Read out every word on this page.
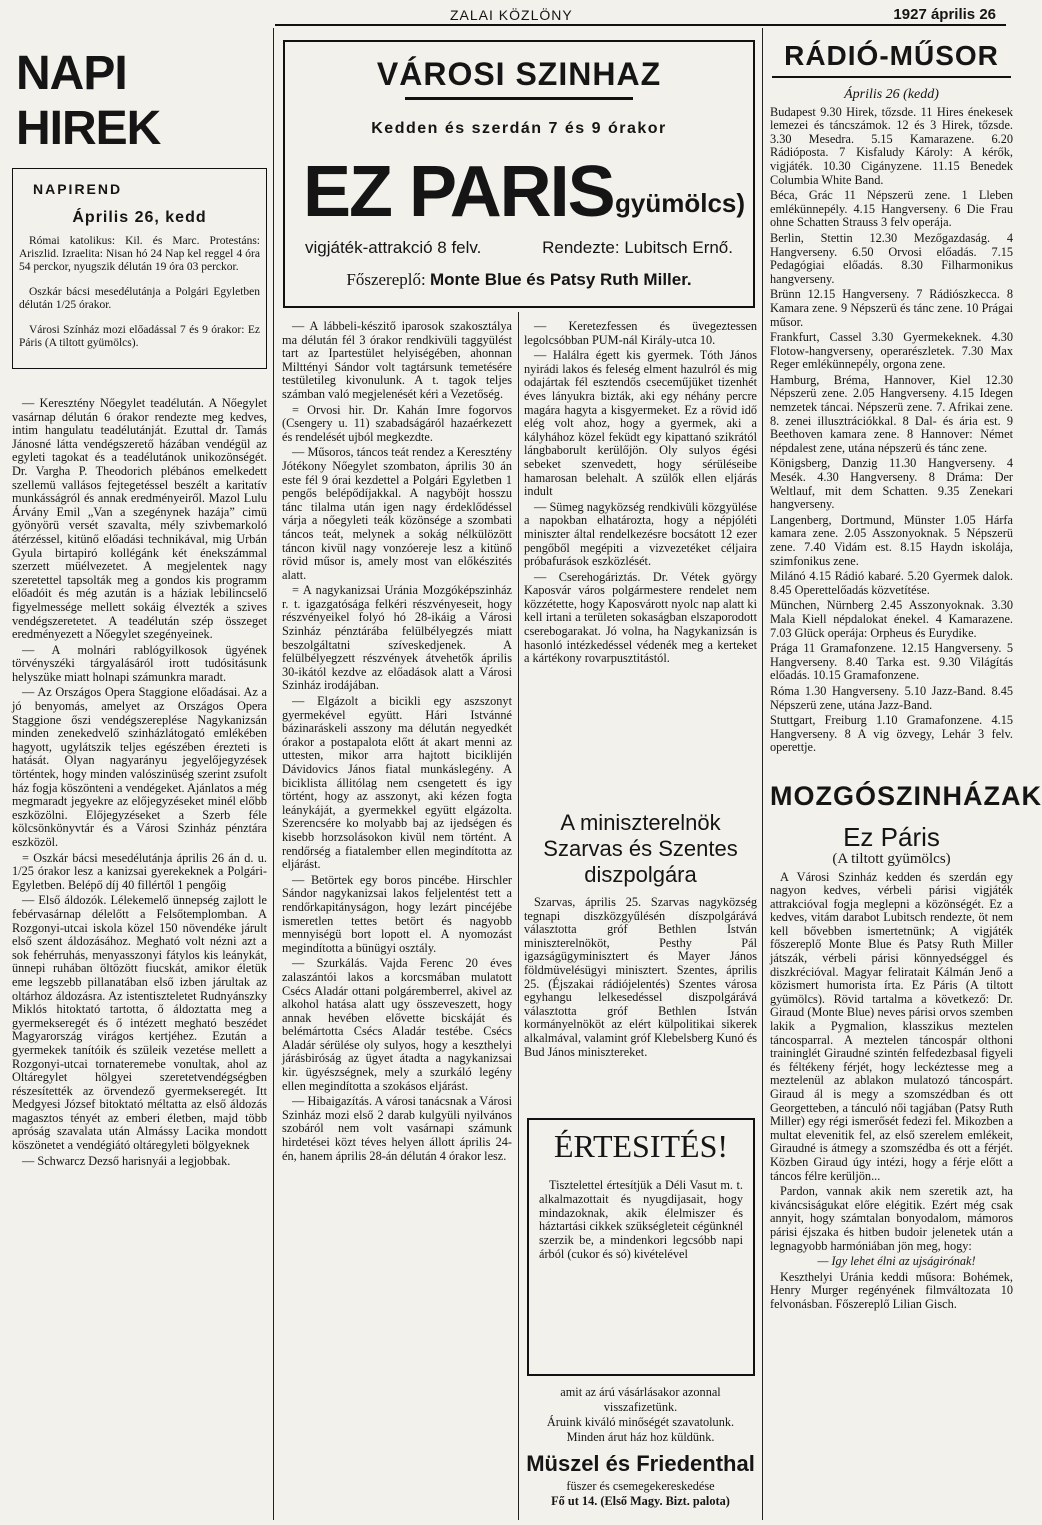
ZALAI KÖZLÖNY	1927 április 26
NAPI HIREK
NAPIREND
Április 26, kedd

Római katolikus: Kil. és Marc. Protestáns: Ariszlid. Izraelita: Nisan hó 24 Nap kel reggel 4 óra 54 perckor, nyugszik délután 19 óra 03 perckor.

Oszkár bácsi mesedélutánja a Polgári Egyletben délután 1/25 órakor.

Városi Színház mozi előadással 7 és 9 órakor: Ez Páris (A tiltott gyümölcs).

— Keresztény Nőegylet teadélután. A Nőegylet vasárnap délután 6 órakor rendezte meg kedves, intim hangulatu teadélutánját. Ezuttal dr. Tamás Jánosné látta vendégszerető házában vendégül az egyleti tagokat és a teadélutánok unikozönségét. Dr. Vargha P. Theodorich plébános emelkedett szellemü vallásos fejtegetéssel beszélt a karitatív munkásságról és annak eredményeiről. Mazol Lulu Árvány Emil „Van a szegénynek hazája” cimü gyönyörü versét szavalta, mély szivbemarkoló átérzéssel, kitünő előadási technikával, mig Urbán Gyula birtapiró kollégánk két énekszámmal szerzett müélvezetet. A megjelentek nagy szeretettel tapsolták meg a gondos kis programm előadóit és még azután is a háziak lebilincselő figyelmessége mellett sokáig élvezték a szives vendégszeretetet. A teadélután szép összeget eredményezett a Nőegylet szegényeinek.

— A molnári rablógyilkosok ügyének törvényszéki tárgyalásáról irott tudósitásunk helyszüke miatt holnapi számunkra maradt.

— Az Országos Opera Staggione előadásai. Az a jó benyomás, amelyet az Országos Opera Staggione őszi vendégszereplése Nagykanizsán minden zenekedvelő szinházlátogató emlékében hagyott, ugylátszik teljes egészében érezteti is hatását. Olyan nagyarányu jegyelőjegyzések történtek, hogy minden valószinüség szerint zsufolt ház fogja köszönteni a vendégeket. Ajánlatos a még megmaradt jegyekre az előjegyzéseket minél előbb eszközölni. Előjegyzéseket a Szerb féle kölcsönkönyvtár és a Városi Szinház pénztára eszközöl.

= Oszkár bácsi mesedélutánja április 26 án d. u. 1/25 órakor lesz a kanizsai gyerekeknek a Polgári-Egyletben. Belépő díj 40 fillértől 1 pengőig

— Első áldozók. Lélekemelő ünnepség zajlott le febérvasárnap délelőtt a Felsőtemplomban. A Rozgonyi-utcai iskola közel 150 növendéke járult első szent áldozásához. Megható volt nézni azt a sok fehérruhás, menyasszonyi fátylos kis leánykát, ünnepi ruhában öltözött fiucskát, amikor életük eme legszebb pillanatában első izben járultak az oltárhoz áldozásra. Az istentiszteletet Rudnyánszky Miklós hitoktató tartotta, ő áldoztatta meg a gyermekseregét és ő intézett megható beszédet Magyarország virágos kertjéhez. Ezután a gyermekek tanítóik és szüleik vezetése mellett a Rozgonyi-utcai tornateremebe vonultak, ahol az Oltáregylet hölgyei szeretetvendégségben részesítették az örvendező gyermekseregét. Itt Medgyesi József bitoktató méltatta az első áldozás magasztos tényét az emberi életben, majd több apróság szavalata után Almássy Lacika mondott köszönetet a vendégiátó oltáregyleti bölgyeknek

— Schwarcz Dezső harisnyái a legjobbak.

VÁROSI SZINHAZ
Kedden és szerdán 7 és 9 órakor
EZ PARIS gyümölcs)
vigjáték-attrakció 8 felv.	Rendezte: Lubitsch Ernő.
Főszereplő: Monte Blue és Patsy Ruth Miller.

— A lábbeli-készitő iparosok szakosztálya ma délután fél 3 órakor rendkivüli taggyülést tart az Ipartestület helyiségében, ahonnan Milttényi Sándor volt tagtársunk temetésére testületileg kivonulunk. A t. tagok teljes számban való megjelenését kéri a Vezetőség.

= Orvosi hir. Dr. Kahán Imre fogorvos (Csengery u. 11) szabadságáról hazaérkezett és rendelését ujból megkezdte.

— Műsoros, táncos teát rendez a Keresztény Jótékony Nőegylet szombaton, április 30 án este fél 9 órai kezdettel a Polgári Egyletben 1 pengős belépődíjakkal. A nagyböjt hosszu tánc tilalma után igen nagy érdeklődéssel várja a nőegyleti teák közönsége a szombati táncos teát, melynek a sokág nélkülözött táncon kivül nagy vonzóereje lesz a kitünő rövid műsor is, amely most van előkészités alatt.

= A nagykanizsai Uránia Mozgóképszinház r. t. igazgatósága felkéri részvényeseit, hogy részvényeikel folyó hó 28-ikáig a Városi Szinház pénztárába felülbélyegzés miatt beszolgáltatni szíveskedjenek. A felülbélyegzett részvények átvehetők április 30-ikától kezdve az előadások alatt a Városi Szinház irodájában.

— Elgázolt a bicikli egy aszszonyt gyermekével együtt. Hári Istvánné bázinaráskeli asszony ma délután negyedkét órakor a postapalota előtt át akart menni az uttesten, mikor arra hajtott biciklijén Dávidovics János fiatal munkáslegény. A biciklista állitólag nem csengetett és igy történt, hogy az asszonyt, aki kézen fogta leánykáját, a gyermekkel együtt elgázolta. Szerencsére ko molyabb baj az ijedségen és kisebb horzsolásokon kivül nem történt. A rendőrség a fiatalember ellen megindította az eljárást.

— Betörtek egy boros pincébe. Hirschler Sándor nagykanizsai lakos feljelentést tett a rendőrkapitányságon, hogy lezárt pincéjébe ismeretlen tettes betört és nagyobb mennyiségü bort lopott el. A nyomozást megindította a bünügyi osztály.

— Szurkálás. Vajda Ferenc 20 éves zalaszántói lakos a korcsmában mulatott Csécs Aladár ottani polgáremberrel, akivel az alkohol hatása alatt ugy összeveszett, hogy annak hevében elővette bicskáját és belémártotta Csécs Aladár testébe. Csécs Aladár sérülése oly sulyos, hogy a keszthelyi járásbiróság az ügyet átadta a nagykanizsai kir. ügyészségnek, mely a szurkáló legény ellen megindította a szokásos eljárást.

— Hibaigazítás. A városi tanácsnak a Városi Szinház mozi első 2 darab kulgyüli nyilvános szobáról nem volt vasárnapi számunk hirdetései közt téves helyen állott április 24-én, hanem április 28-án délután 4 órakor lesz.

— Keretezfessen és üvegeztessen legolcsóbban PUM-nál Király-utca 10.

— Halálra égett kis gyermek. Tóth János nyirádi lakos és feleség elment hazulról és mig odajártak fél esztendős cseceműjüket tizenhét éves lányukra bizták, aki egy néhány percre magára hagyta a kisgyermeket. Ez a rövid idő elég volt ahoz, hogy a gyermek, aki a kályhához közel feküdt egy kipattanó szikrától lángbaborult kerülőjön. Oly sulyos égési sebeket szenvedett, hogy sérüléseibe hamarosan belehalt. A szülők ellen eljárás indult

— Sümeg nagyközség rendkivüli közgyülése a napokban elhatározta, hogy a népjóléti miniszter által rendelkezésre bocsátott 12 ezer pengőből megépiti a vizvezetéket céljaira próbafurások eszközlését.

— Cserehogáriztás. Dr. Vétek györgy Kaposvár város polgármestere rendelet nem közzétette, hogy Kaposvárott nyolc nap alatt ki kell irtani a területen sokaságban elszaporodott cserebogarakat. Jó volna, ha Nagykanizsán is hasonló intézkedéssel védenék meg a kerteket a kártékony rovarpusztitástól.

A miniszterelnök Szarvas és Szentes diszpolgára

Szarvas, április 25. Szarvas nagyközség tegnapi diszközgyűlésén díszpolgárává választotta gróf Bethlen István miniszterelnököt, Pesthy Pál igazságügyminisztert és Mayer János földmüvelésügyi minisztert. Szentes, április 25. (Éjszakai rádiójelentés) Szentes városa egyhangu lelkesedéssel diszpolgárává választotta gróf Bethlen István kormányelnököt az elért külpolitikai sikerek alkalmával, valamint gróf Klebelsberg Kunó és Bud János minisztereket.

ÉRTESITÉS!

Tisztelettel értesítjük a Déli Vasut m. t. alkalmazottait és nyugdijasait, hogy mindazoknak, akik élelmiszer és háztartási cikkek szükségleteit cégünknél szerzik be, a mindenkori legcsóbb napi árból (cukor és só) kivételével

amit az árú vásárlásakor azonnal visszafizetünk.
Áruink kiváló minőségét szavatolunk.
Minden árut ház hoz küldünk.
Müszel és Friedenthal
füszer és csemegekereskedése
Fő ut 14. (Első Magy. Bizt. palota)
RÁDIÓ-MŰSOR
Április 26 (kedd)

Budapest 9.30 Hirek, tőzsde. 11 Hires énekesek lemezei és táncszámok. 12 és 3 Hirek, tőzsde. 3.30 Mesedra. 5.15 Kamarazene. 6.20 Rádióposta. 7 Kisfaludy Károly: A kérők, vigjáték. 10.30 Cigányzene. 11.15 Benedek Columbia White Band.

Béca, Grác 11 Népszerü zene. 1 Lleben emlékünnepély. 4.15 Hangverseny. 6 Die Frau ohne Schatten Strauss 3 felv operája.

Berlin, Stettin 12.30 Mezőgazdaság. 4 Hangverseny. 6.50 Orvosi előadás. 7.15 Pedagógiai előadás. 8.30 Filharmonikus hangverseny.

Brünn 12.15 Hangverseny. 7 Rádiószkecca. 8 Kamara zene. 9 Népszerü és tánc zene. 10 Prágai műsor.

Frankfurt, Cassel 3.30 Gyermekeknek. 4.30 Flotow-hangverseny, operarészletek. 7.30 Max Reger emlékünnepély, orgona zene.

Hamburg, Bréma, Hannover, Kiel 12.30 Népszerü zene. 2.05 Hangverseny. 4.15 Idegen nemzetek táncai. Népszerü zene. 7. Afrikai zene. 8. zenei illusztrációkkal. 8 Dal- és ária est. 9 Beethoven kamara zene. 8 Hannover: Német népdalest zene, utána népszerü és tánc zene.

Königsberg, Danzig 11.30 Hangverseny. 4 Mesék. 4.30 Hangverseny. 8 Dráma: Der Weltlauf, mit dem Schatten. 9.35 Zenekari hangverseny.

Langenberg, Dortmund, Münster 1.05 Hárfa kamara zene. 2.05 Asszonyoknak. 5 Népszerü zene. 7.40 Vidám est. 8.15 Haydn iskolája, szimfonikus zene.

Milánó 4.15 Rádió kabaré. 5.20 Gyermek dalok. 8.45 Operettelőadás közvetítése.

München, Nürnberg 2.45 Asszonyoknak. 3.30 Mala Kiell népdalokat énekel. 4 Kamarazene. 7.03 Glück operája: Orpheus és Eurydike.

Prága 11 Gramafonzene. 12.15 Hangverseny. 5 Hangverseny. 8.40 Tarka est. 9.30 Világítás előadás. 10.15 Gramafonzene.

Róma 1.30 Hangverseny. 5.10 Jazz-Band. 8.45 Népszerü zene, utána Jazz-Band.

Stuttgart, Freiburg 1.10 Gramafonzene. 4.15 Hangverseny. 8 A vig özvegy, Lehár 3 felv. operettje.

MOZGÓSZINHÁZAK
Ez Páris
(A tiltott gyümölcs)

A Városi Szinház kedden és szerdán egy nagyon kedves, vérbeli párisi vigjáték attrakcióval fogja meglepni a közönségét. Ez a kedves, vitám darabot Lubitsch rendezte, öt nem kell bővebben ismertetnünk; A vigjáték főszereplő Monte Blue és Patsy Ruth Miller játszák, vérbeli párisi könnyedséggel és diszkrécióval. Magyar feliratait Kálmán Jenő a közismert humorista írta. Ez Páris (A tiltott gyümölcs). Rövid tartalma a következő: Dr. Giraud (Monte Blue) neves párisi orvos szemben lakik a Pygmalion, klasszikus meztelen táncosparral. A meztelen táncospár olthoni traininglét Giraudné szintén felfedezbasal figyeli és féltékeny férjét, hogy leckéztesse meg a meztelenül az ablakon mulatozó táncospárt. Giraud ál is megy a szomszédban és ott Georgetteben, a tánculó női tagjában (Patsy Ruth Miller) egy régi ismerősét fedezi fel. Mikozben a multat elevenitik fel, az első szerelem emlékeit, Giraudné is átmegy a szomszédba és ott a férjét. Közben Giraud úgy intézi, hogy a férje előtt a táncos félre kerüljön...

Pardon, vannak akik nem szeretik azt, ha kiváncsiságukat előre elégitik. Ezért még csak annyit, hogy számtalan bonyodalom, mámoros párisi éjszaka és hitben budoir jelenetek után a legnagyobb harmóniában jön meg, hogy:

— Igy lehet élni az ujságirónak!

Keszthelyi Uránia keddi műsora: Bohémek, Henry Murger regényének filmváltozata 10 felvonásban. Főszereplő Lilian Gisch.
